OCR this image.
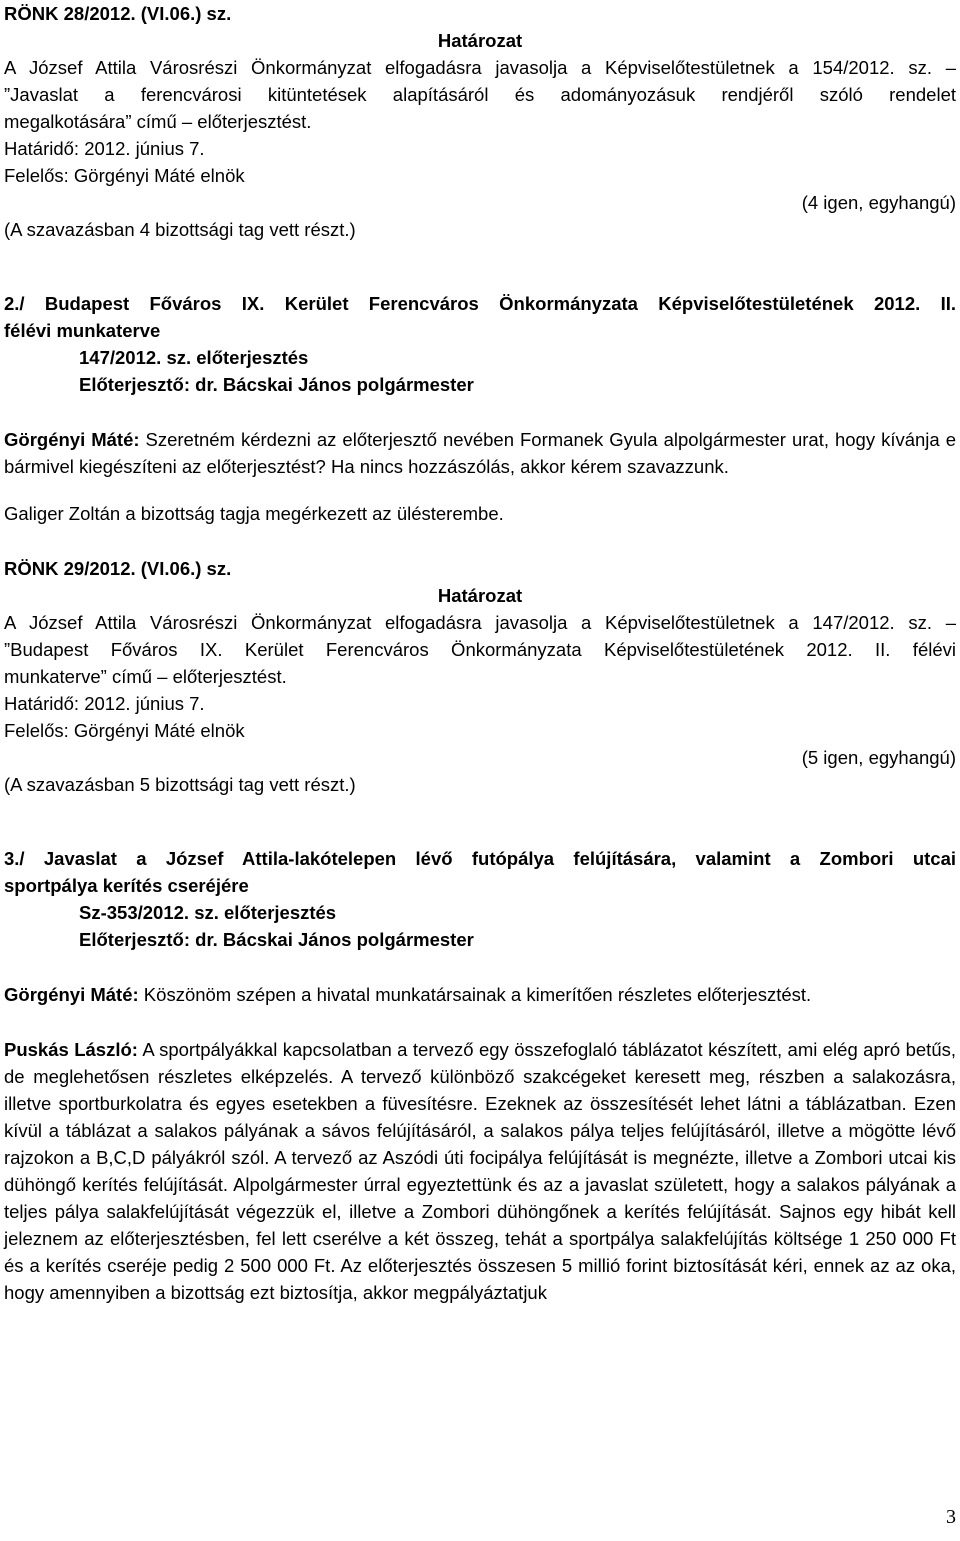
RÖNK 28/2012. (VI.06.) sz.

Határozat

A József Attila Városrészi Önkormányzat elfogadásra javasolja a Képviselőtestületnek a 154/2012. sz. –

”Javaslat a ferencvárosi kitüntetések alapításáról és adományozásuk rendjéről szóló rendelet

megalkotására” című – előterjesztést.

Határidő: 2012. június 7.

Felelős: Görgényi Máté elnök

(4 igen, egyhangú)
(A szavazásban 4 bizottsági tag vett részt.)

2./ Budapest Főváros IX. Kerület Ferencváros Önkormányzata Képviselőtestületének 2012. II.

félévi munkaterve

147/2012. sz. előterjesztés

Előterjesztő: dr. Bácskai János polgármester

Görgényi Máté: Szeretném kérdezni az előterjesztő nevében Formanek Gyula alpolgármester urat, hogy kívánja e bármivel kiegészíteni az előterjesztést? Ha nincs hozzászólás, akkor kérem szavazzunk.

Galiger Zoltán a bizottság tagja megérkezett az ülésterembe.

RÖNK 29/2012. (VI.06.) sz.

Határozat

A József Attila Városrészi Önkormányzat elfogadásra javasolja a Képviselőtestületnek a 147/2012. sz. –

”Budapest Főváros IX. Kerület Ferencváros Önkormányzata Képviselőtestületének 2012. II. félévi

munkaterve” című – előterjesztést.

Határidő: 2012. június 7.

Felelős: Görgényi Máté elnök

(5 igen, egyhangú)
(A szavazásban 5 bizottsági tag vett részt.)

3./ Javaslat a József Attila-lakótelepen lévő futópálya felújítására, valamint a Zombori utcai

sportpálya kerítés cseréjére

Sz-353/2012. sz. előterjesztés

Előterjesztő: dr. Bácskai János polgármester

Görgényi Máté: Köszönöm szépen a hivatal munkatársainak a kimerítően részletes előterjesztést.

Puskás László: A sportpályákkal kapcsolatban a tervező egy összefoglaló táblázatot készített, ami elég apró betűs, de meglehetősen részletes elképzelés. A tervező különböző szakcégeket keresett meg, részben a salakozásra, illetve sportburkolatra és egyes esetekben a füvesítésre. Ezeknek az összesítését lehet látni a táblázatban. Ezen kívül a táblázat a salakos pályának a sávos felújításáról, a salakos pálya teljes felújításáról, illetve a mögötte lévő rajzokon a B,C,D pályákról szól. A tervező az Aszódi úti focipálya felújítását is megnézte, illetve a Zombori utcai kis dühöngő kerítés felújítását. Alpolgármester úrral egyeztettünk és az a javaslat született, hogy a salakos pályának a teljes pálya salakfelújítását végezzük el, illetve a Zombori dühöngőnek a kerítés felújítását. Sajnos egy hibát kell jeleznem az előterjesztésben, fel lett cserélve a két összeg, tehát a sportpálya salakfelújítás költsége 1 250 000 Ft és a kerítés cseréje pedig 2 500 000 Ft. Az előterjesztés összesen 5 millió forint biztosítását kéri, ennek az az oka, hogy amennyiben a bizottság ezt biztosítja, akkor megpályáztatjuk

3
